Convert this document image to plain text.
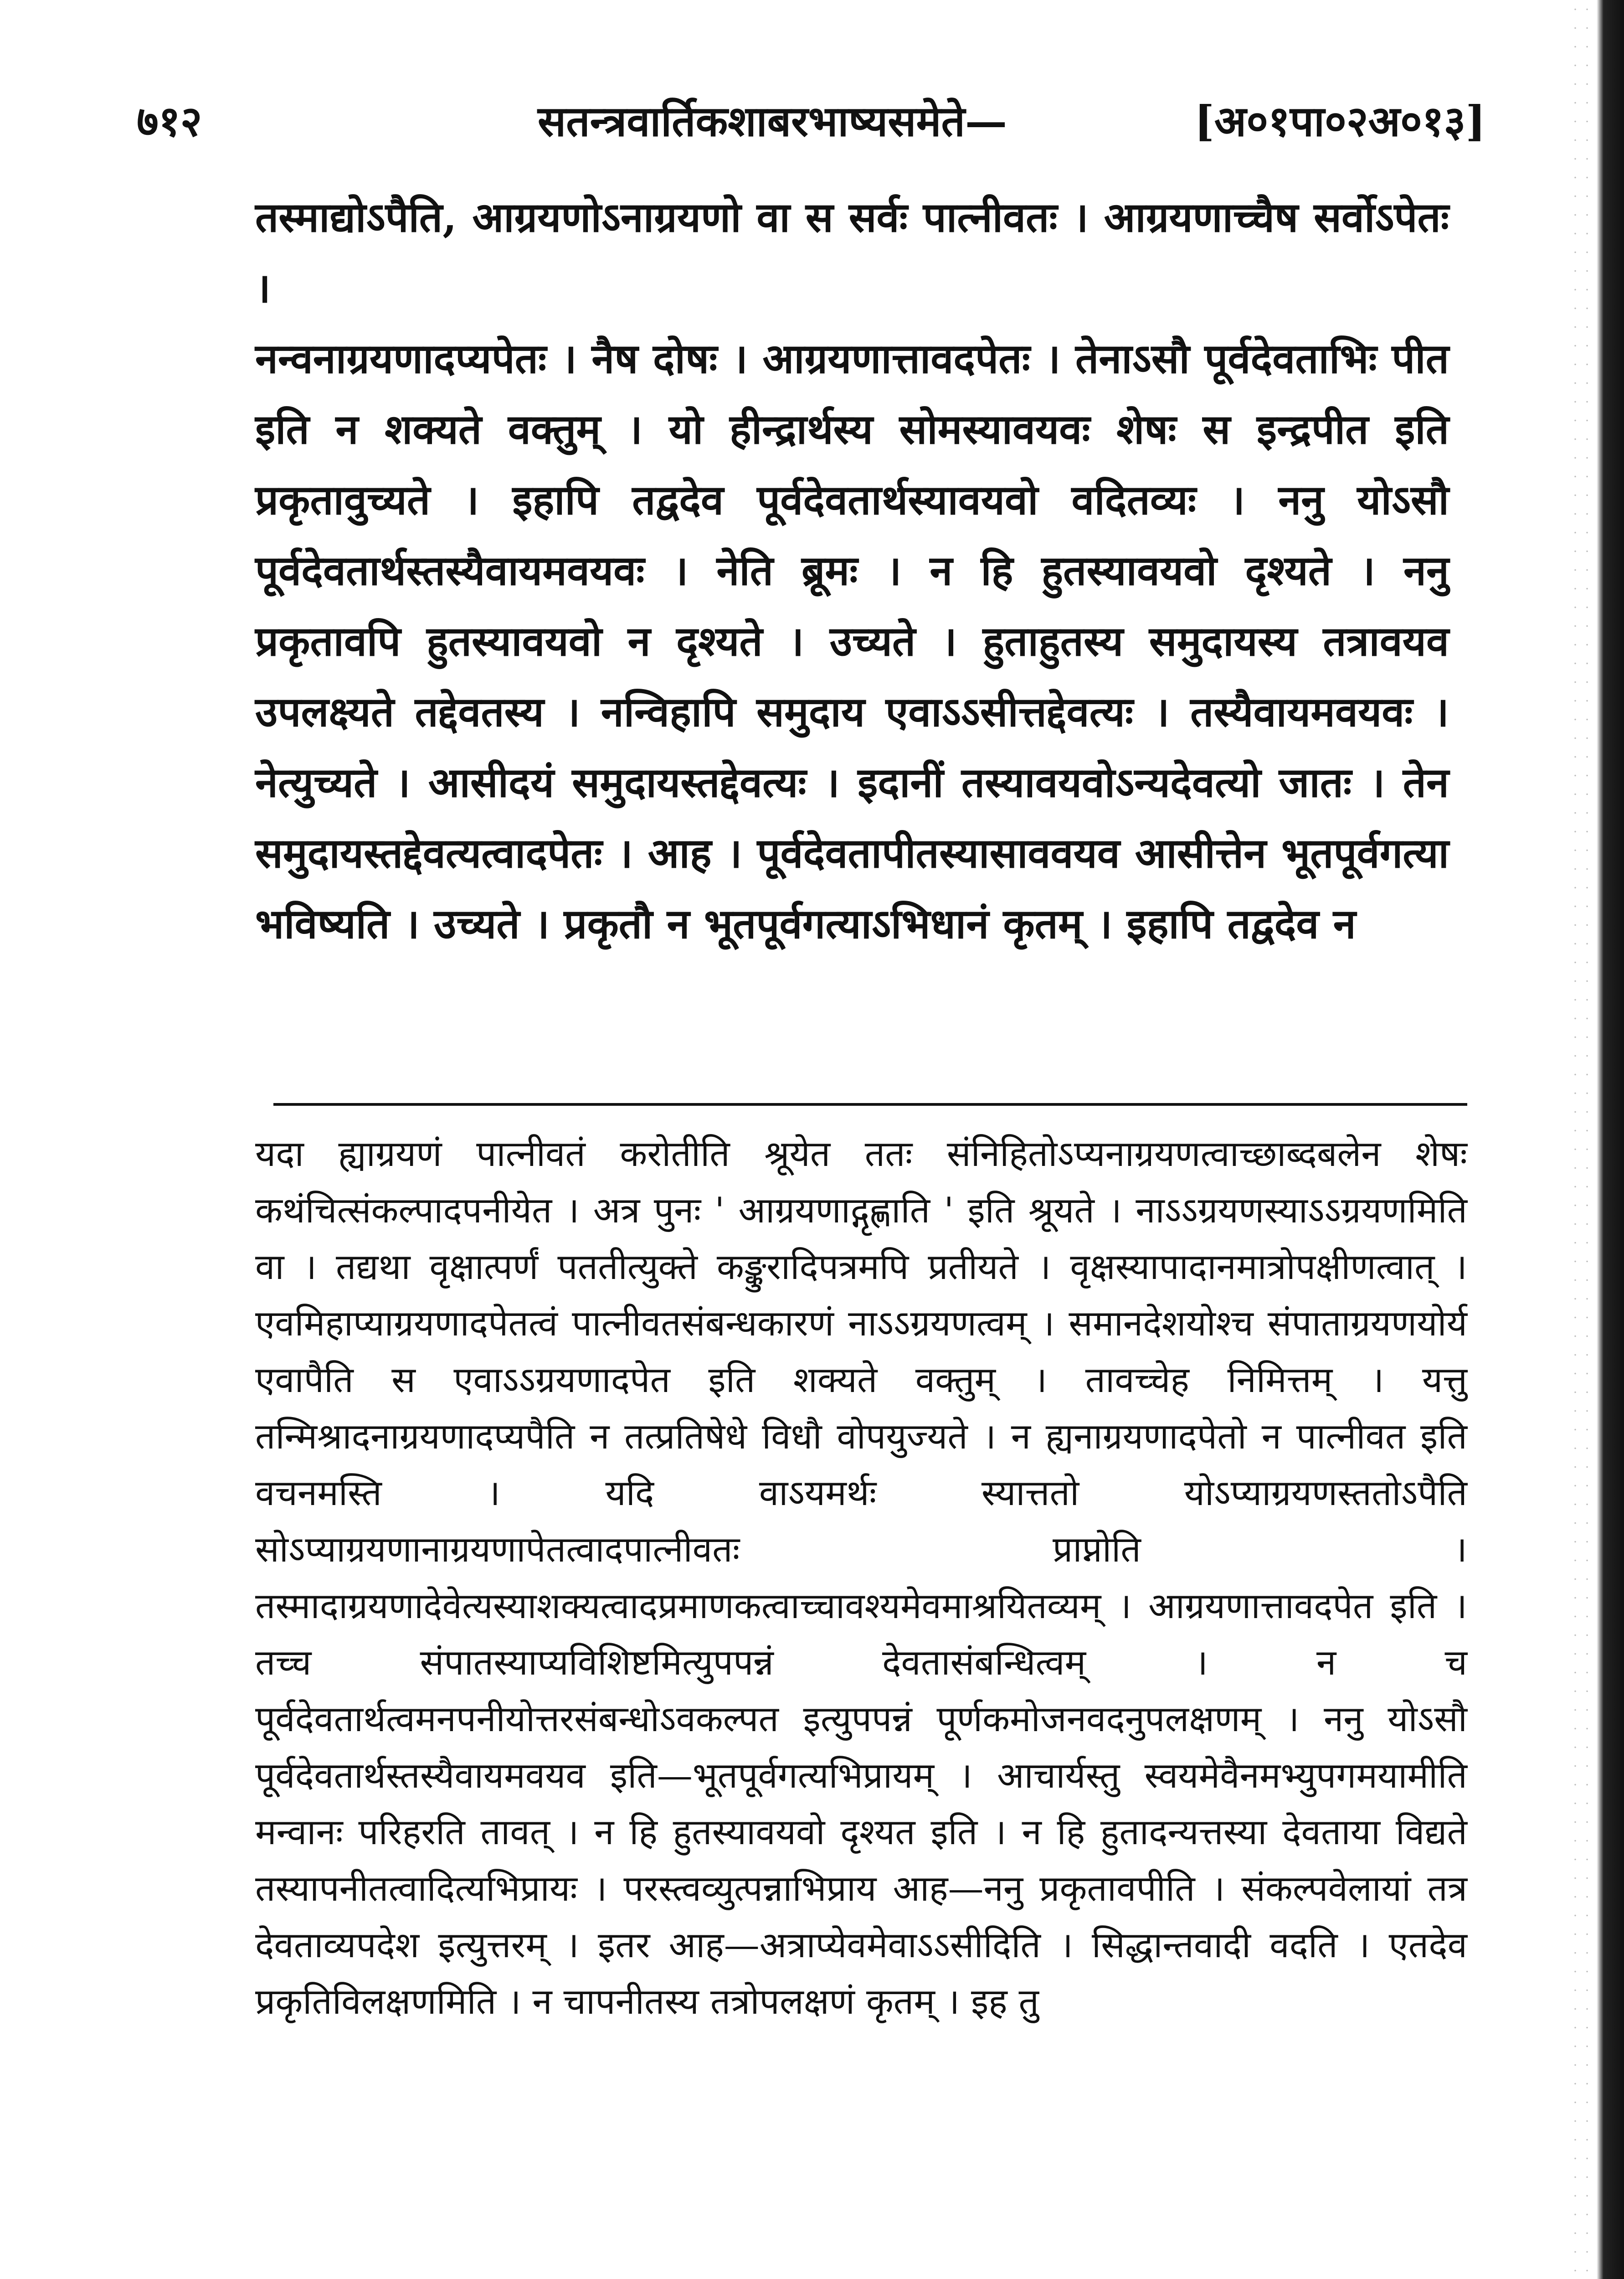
७१२	सतन्त्रवार्तिकशाबरभाष्यसमेते—	[अ०१पा०२अ०१३]
तस्माद्योऽपैति, आग्रयणोऽनाग्रयणो वा स सर्वः पात्नीवतः । आग्रयणाच्चैष सर्वोऽपेतः ।
नन्वनाग्रयणादप्यपेतः । नैष दोषः । आग्रयणात्तावदपेतः । तेनाऽसौ पूर्वदेवताभिः पीत इति न शक्यते वक्तुम् । यो हीन्द्रार्थस्य सोमस्यावयवः शेषः स इन्द्रपीत इति प्रकृतावुच्यते । इहापि तद्वदेव पूर्वदेवतार्थस्यावयवो वदितव्यः । ननु योऽसौ पूर्वदेवतार्थस्तस्यैवायमवयवः । नेति ब्रूमः । न हि हुतस्यावयवो दृश्यते । ननु प्रकृतावपि हुतस्यावयवो न दृश्यते । उच्यते । हुताहुतस्य समुदायस्य तत्रावयव उपलक्ष्यते तद्देवतस्य । नन्विहापि समुदाय एवाऽऽसीत्तद्देवत्यः । तस्यैवायमवयवः । नेत्युच्यते । आसीदयं समुदायस्तद्देवत्यः । इदानीं तस्यावयवोऽन्यदेवत्यो जातः । तेन समुदायस्तद्देवत्यत्वादपेतः । आह । पूर्वदेवतापीतस्यासाववयव आसीत्तेन भूतपूर्वगत्या भविष्यति । उच्यते । प्रकृतौ न भूतपूर्वगत्याऽभिधानं कृतम् । इहापि तद्वदेव न
यदा ह्याग्रयणं पात्नीवतं करोतीति श्रूयेत ततः संनिहितोऽप्यनाग्रयणत्वाच्छाब्दबलेन शेषः कथंचित्संकल्पादपनीयेत । अत्र पुनः ' आग्रयणाद्गृह्णाति ' इति श्रूयते । नाऽऽग्रयणस्याऽऽग्रयणमिति वा । तद्यथा वृक्षात्पर्णं पततीत्युक्ते कङ्कुरादिपत्रमपि प्रतीयते । वृक्षस्यापादानमात्रोपक्षीणत्वात् । एवमिहाप्याग्रयणादपेतत्वं पात्नीवतसंबन्धकारणं नाऽऽग्रयणत्वम् । समानदेशयोश्च संपाताग्रयणयोर्य एवापैति स एवाऽऽग्रयणादपेत इति शक्यते वक्तुम् । तावच्चेह निमित्तम् । यत्तु तन्मिश्रादनाग्रयणादप्यपैति न तत्प्रतिषेधे विधौ वोपयुज्यते । न ह्यनाग्रयणादपेतो न पात्नीवत इति वचनमस्ति । यदि वाऽयमर्थः स्यात्ततो योऽप्याग्रयणस्ततोऽपैति सोऽप्याग्रयणानाग्रयणापेतत्वादपात्नीवतः प्राप्नोति । तस्मादाग्रयणादेवेत्यस्याशक्यत्वादप्रमाणकत्वाच्चावश्यमेवमाश्रयितव्यम् । आग्रयणात्तावदपेत इति । तच्च संपातस्याप्यविशिष्टमित्युपपन्नं देवतासंबन्धित्वम् । न च पूर्वदेवतार्थत्वमनपनीयोत्तरसंबन्धोऽवकल्पत इत्युपपन्नं पूर्णकमोजनवदनुपलक्षणम् । ननु योऽसौ पूर्वदेवतार्थस्तस्यैवायमवयव इति—भूतपूर्वगत्यभिप्रायम् । आचार्यस्तु स्वयमेवैनमभ्युपगमयामीति मन्वानः परिहरति तावत् । न हि हुतस्यावयवो दृश्यत इति । न हि हुतादन्यत्तस्या देवताया विद्यते तस्यापनीतत्वादित्यभिप्रायः । परस्त्वव्युत्पन्नाभिप्राय आह—ननु प्रकृतावपीति । संकल्पवेलायां तत्र देवताव्यपदेश इत्युत्तरम् । इतर आह—अत्राप्येवमेवाऽऽसीदिति । सिद्धान्तवादी वदति । एतदेव प्रकृतिविलक्षणमिति । न चापनीतस्य तत्रोपलक्षणं कृतम् । इह तु
